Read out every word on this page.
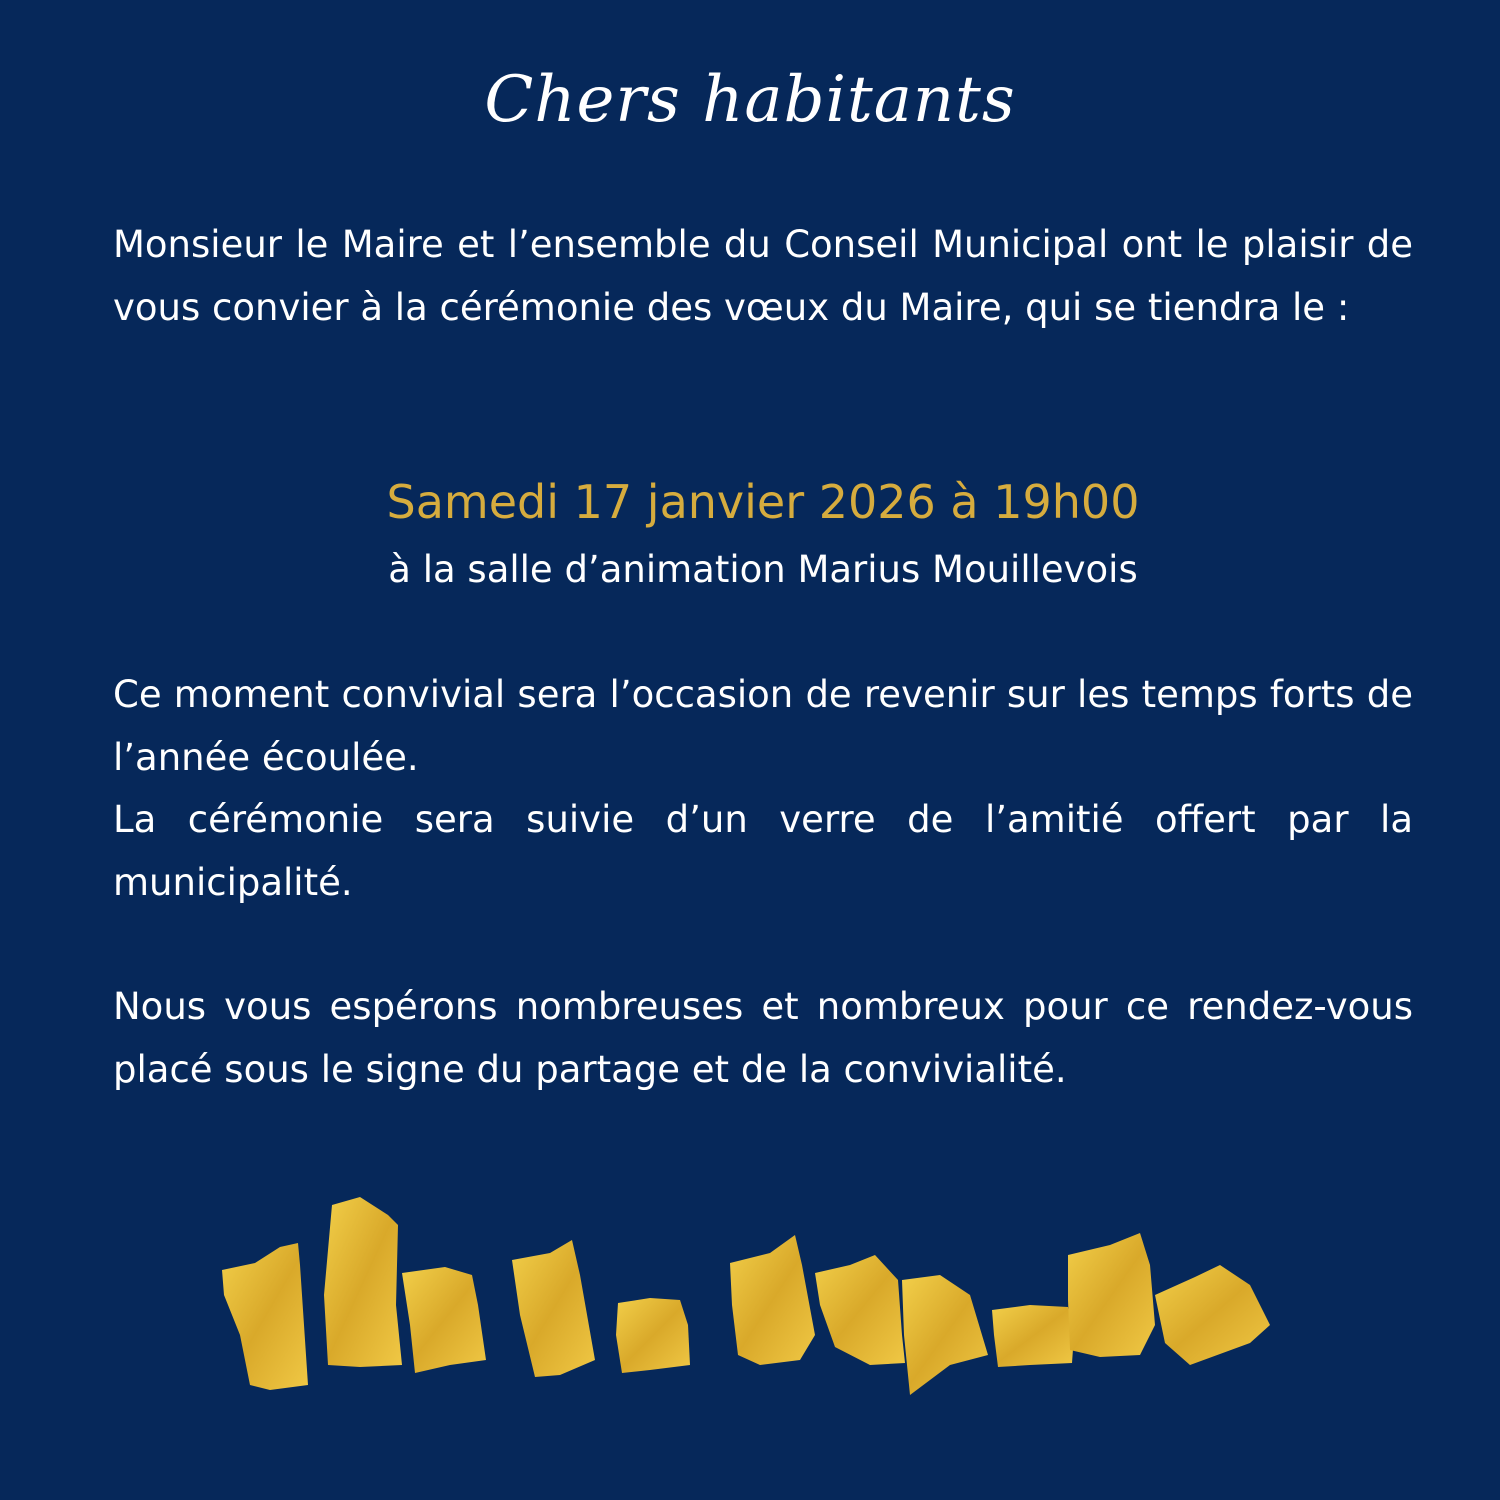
Chers habitants
Monsieur le Maire et l’ensemble du Conseil Municipal ont le plaisir de vous convier à la cérémonie des vœux du Maire, qui se tiendra le :
Samedi 17 janvier 2026 à 19h00
à la salle d’animation Marius Mouillevois
Ce moment convivial sera l’occasion de revenir sur les temps forts de l’année écoulée.
La cérémonie sera suivie d’un verre de l’amitié offert par la municipalité.
Nous vous espérons nombreuses et nombreux pour ce rendez-vous placé sous le signe du partage et de la convivialité.
